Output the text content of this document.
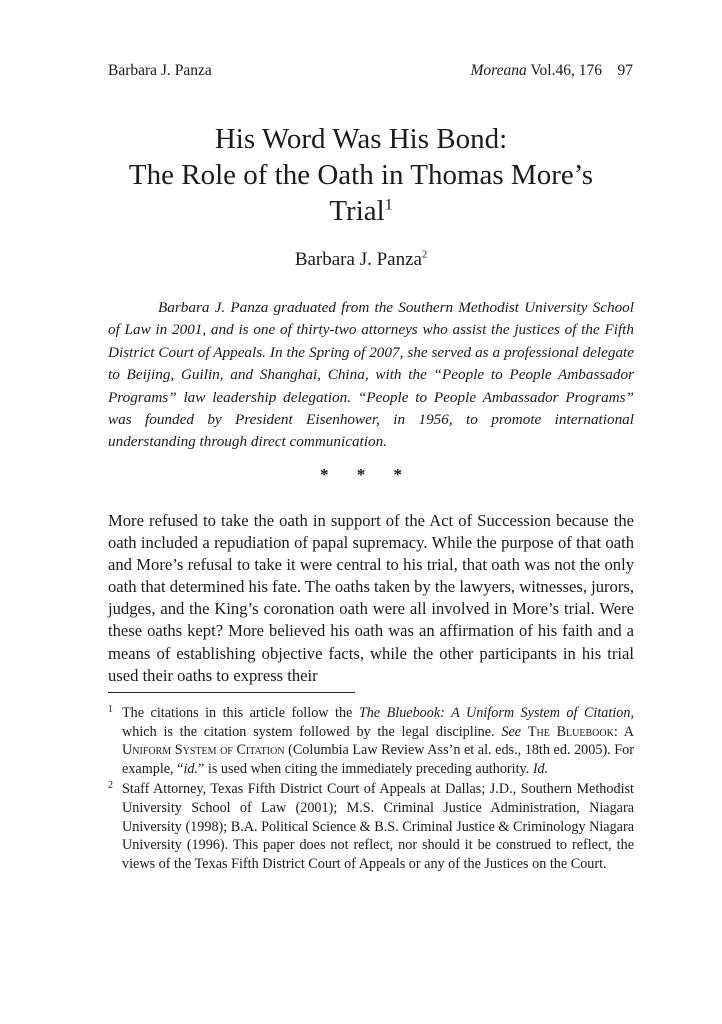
Barbara J. Panza	Moreana Vol.46, 176 97
His Word Was His Bond:
The Role of the Oath in Thomas More’s
Trial$^1$
Barbara J. Panza$^2$

Barbara J. Panza graduated from the Southern Methodist University School of Law in 2001, and is one of thirty-two attorneys who assist the justices of the Fifth District Court of Appeals. In the Spring of 2007, she served as a professional delegate to Beijing, Guilin, and Shanghai, China, with the “People to People Ambassador Programs” law leadership delegation. “People to People Ambassador Programs” was founded by President Eisenhower, in 1956, to promote international understanding through direct communication.

* * *

More refused to take the oath in support of the Act of Succession because the oath included a repudiation of papal supremacy. While the purpose of that oath and More’s refusal to take it were central to his trial, that oath was not the only oath that determined his fate. The oaths taken by the lawyers, witnesses, jurors, judges, and the King’s coronation oath were all involved in More’s trial. Were these oaths kept? More believed his oath was an affirmation of his faith and a means of establishing objective facts, while the other participants in his trial used their oaths to express their

1 The citations in this article follow the The Bluebook: A Uniform System of Citation, which is the citation system followed by the legal discipline. See The Bluebook: A Uniform System of Citation (Columbia Law Review Ass’n et al. eds., 18th ed. 2005). For example, “id.” is used when citing the immediately preceding authority. Id.
2 Staff Attorney, Texas Fifth District Court of Appeals at Dallas; J.D., Southern Methodist University School of Law (2001); M.S. Criminal Justice Administration, Niagara University (1998); B.A. Political Science & B.S. Criminal Justice & Criminology Niagara University (1996). This paper does not reflect, nor should it be construed to reflect, the views of the Texas Fifth District Court of Appeals or any of the Justices on the Court.
